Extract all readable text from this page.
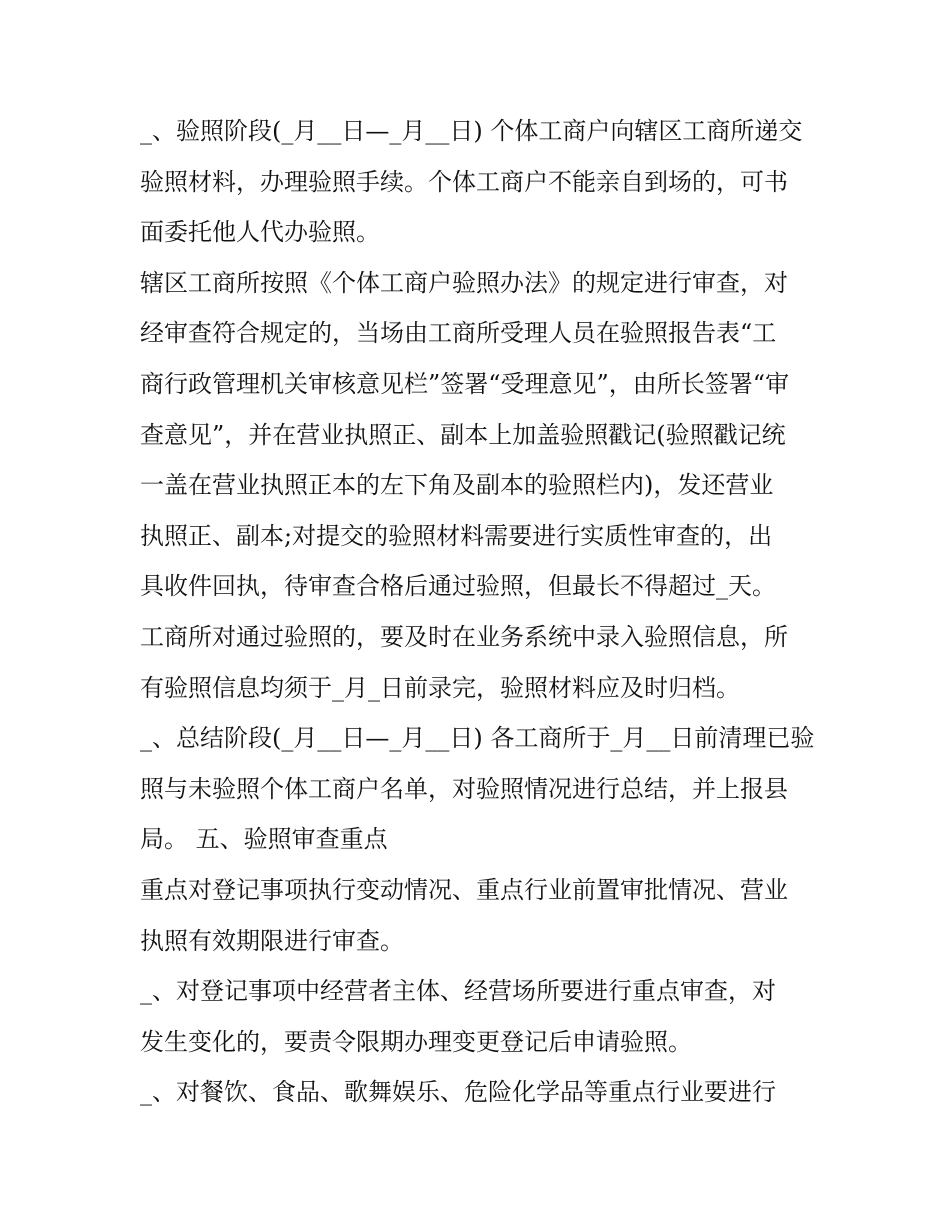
_、验照阶段(_月__日—_月__日) 个体工商户向辖区工商所递交
验照材料，办理验照手续。个体工商户不能亲自到场的，可书
面委托他人代办验照。
辖区工商所按照《个体工商户验照办法》的规定进行审查，对
经审查符合规定的，当场由工商所受理人员在验照报告表“工
商行政管理机关审核意见栏”签署“受理意见”，由所长签署“审
查意见”，并在营业执照正、副本上加盖验照戳记(验照戳记统
一盖在营业执照正本的左下角及副本的验照栏内)，发还营业
执照正、副本;对提交的验照材料需要进行实质性审查的，出
具收件回执，待审查合格后通过验照，但最长不得超过_天。
工商所对通过验照的，要及时在业务系统中录入验照信息，所
有验照信息均须于_月_日前录完，验照材料应及时归档。
_、总结阶段(_月__日—_月__日) 各工商所于_月__日前清理已验
照与未验照个体工商户名单，对验照情况进行总结，并上报县
局。 五、验照审查重点
重点对登记事项执行变动情况、重点行业前置审批情况、营业
执照有效期限进行审查。
_、对登记事项中经营者主体、经营场所要进行重点审查，对
发生变化的，要责令限期办理变更登记后申请验照。
_、对餐饮、食品、歌舞娱乐、危险化学品等重点行业要进行
